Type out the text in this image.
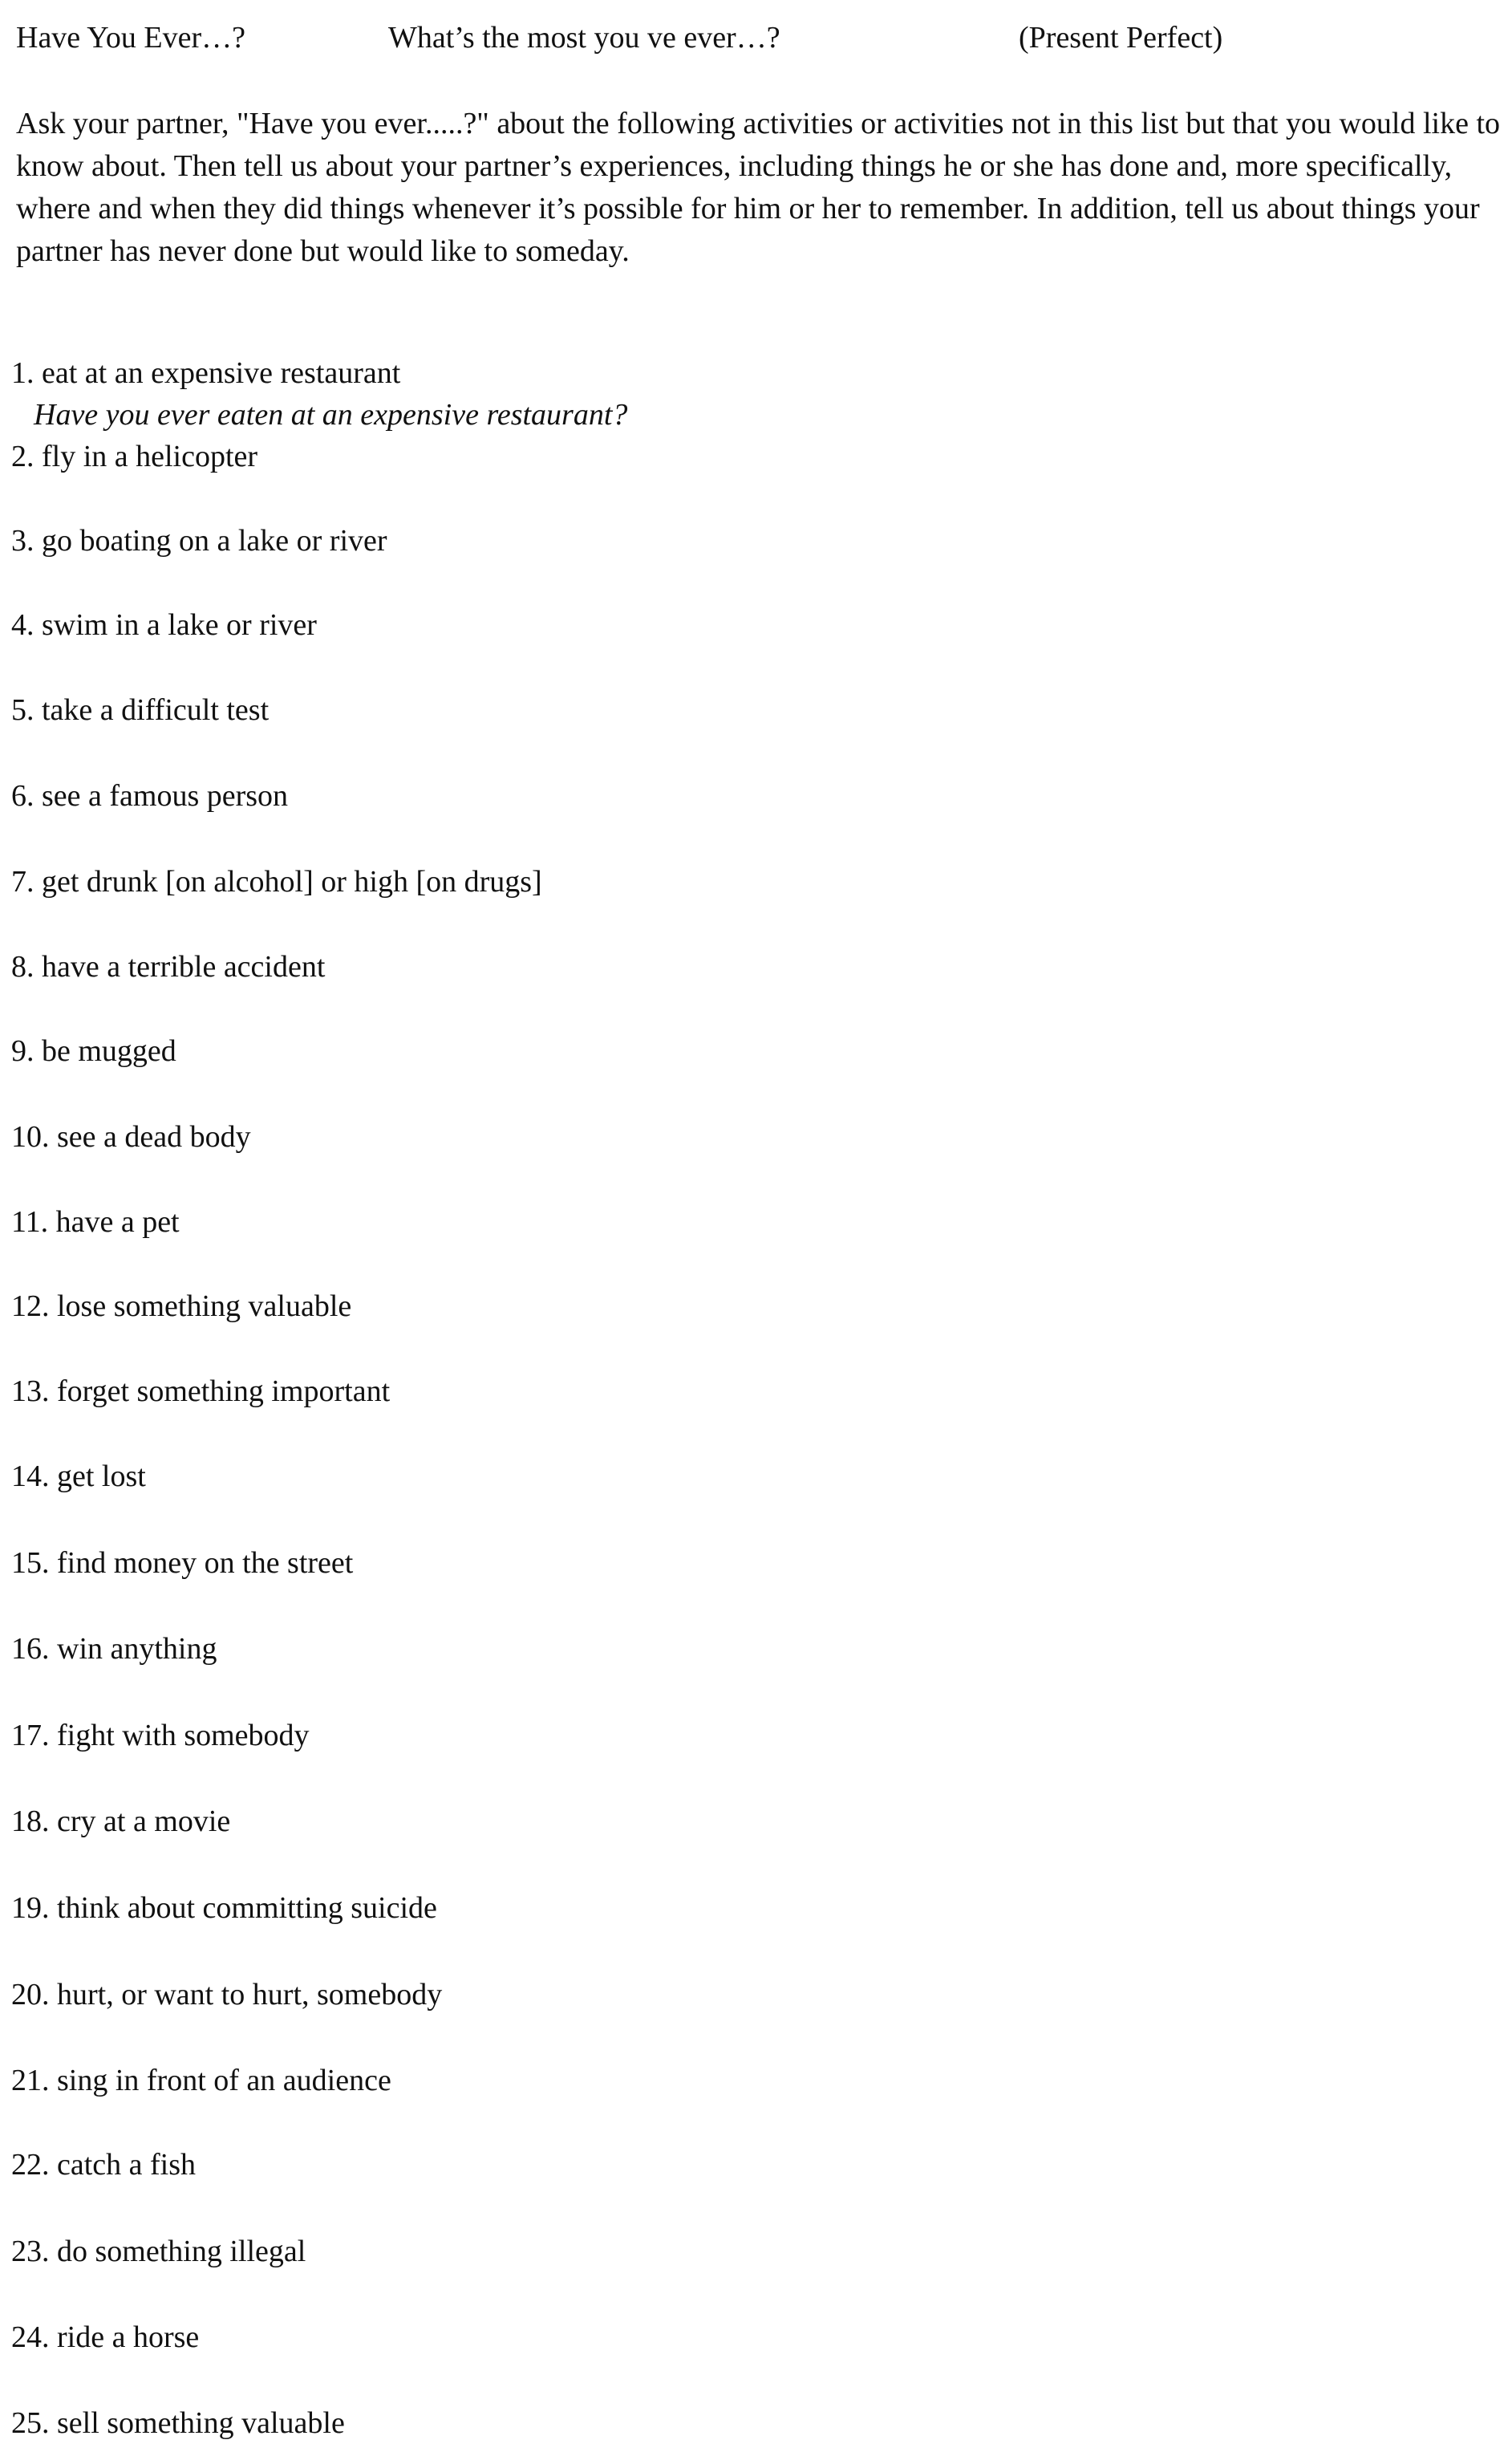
Have You Ever…?	What’s the most you ve ever…?	(Present Perfect)

Ask your partner, "Have you ever.....?" about the following activities or activities not in this list but that you would like to know about. Then tell us about your partner’s experiences, including things he or she has done and, more specifically, where and when they did things whenever it’s possible for him or her to remember. In addition, tell us about things your partner has never done but would like to someday.

1. eat at an expensive restaurant
Have you ever eaten at an expensive restaurant?
2. fly in a helicopter
3. go boating on a lake or river
4. swim in a lake or river
5. take a difficult test
6. see a famous person
7. get drunk [on alcohol] or high [on drugs]
8. have a terrible accident
9. be mugged
10. see a dead body
11. have a pet
12. lose something valuable
13. forget something important
14. get lost
15. find money on the street
16. win anything
17. fight with somebody
18. cry at a movie
19. think about committing suicide
20. hurt, or want to hurt, somebody
21. sing in front of an audience
22. catch a fish
23. do something illegal
24. ride a horse
25. sell something valuable
